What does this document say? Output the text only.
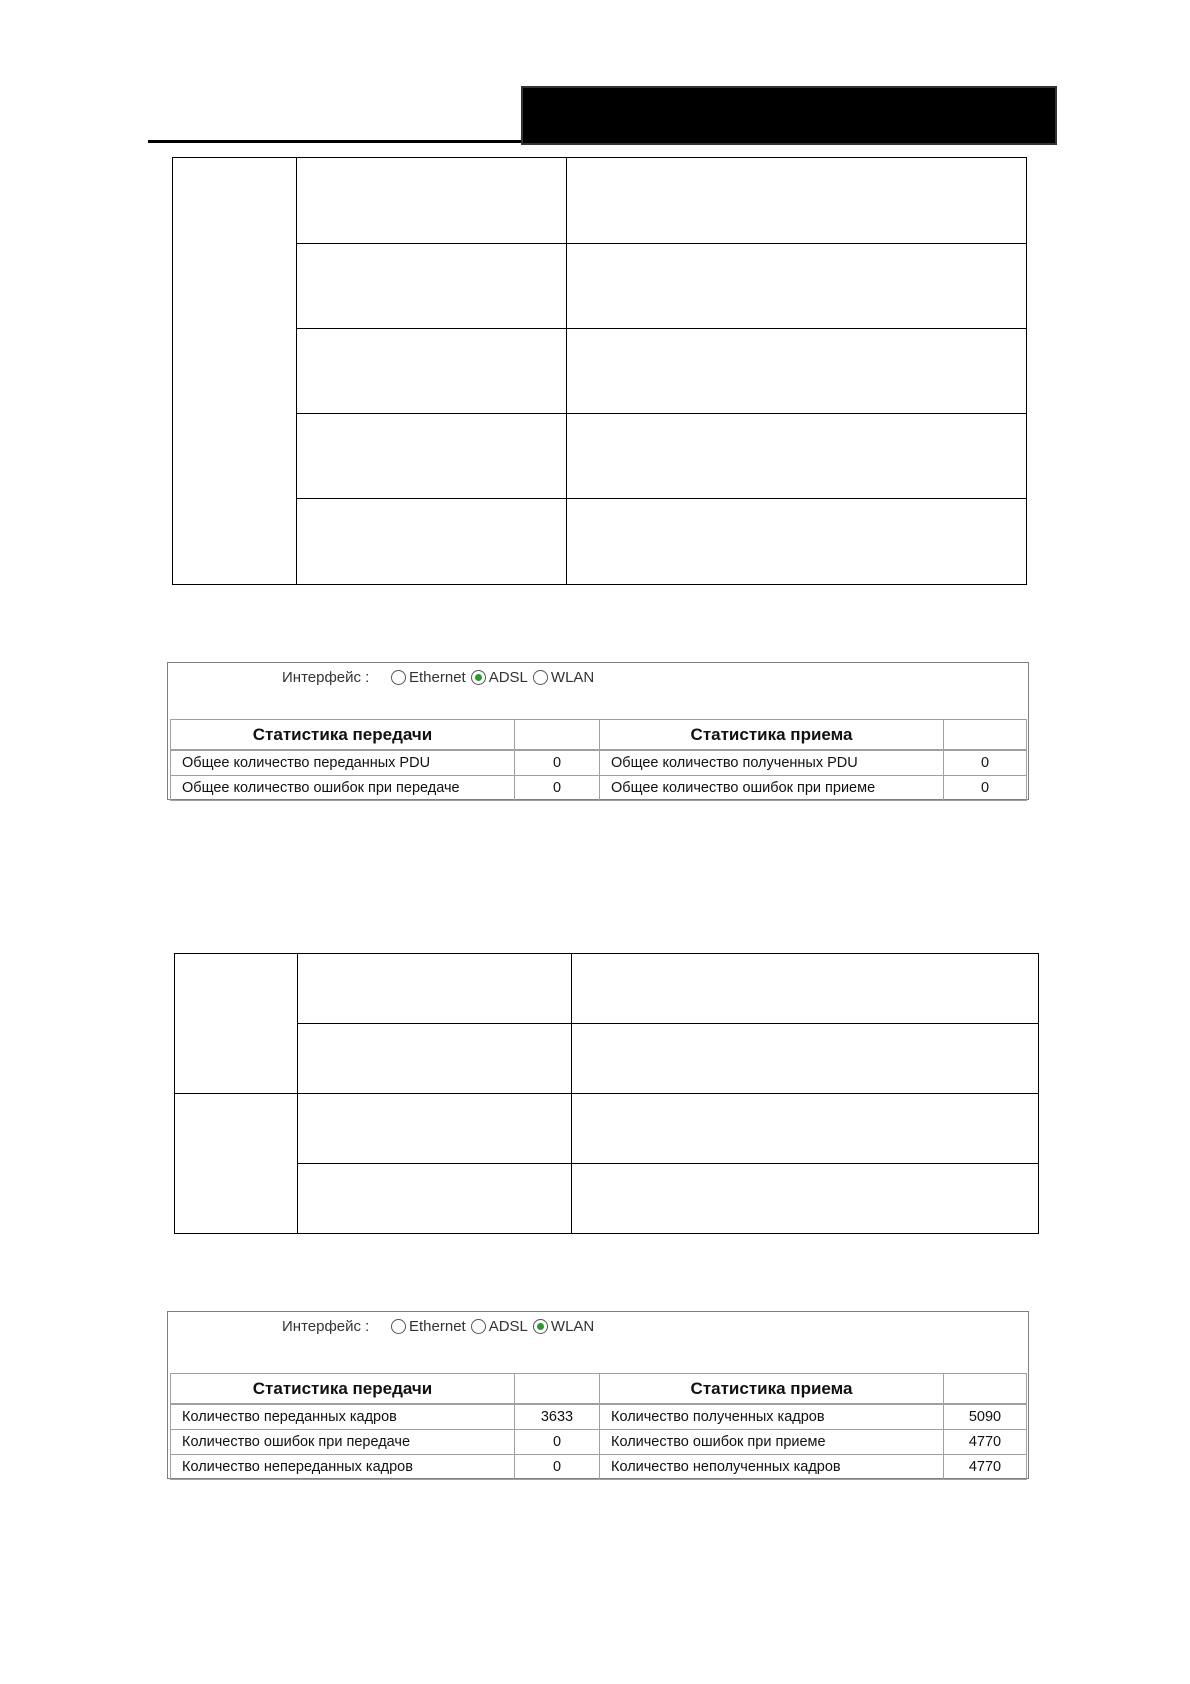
Интерфейс :	Ethernet ADSL WLAN
Статистика передачи		Статистика приема	
Общее количество переданных PDU	0	Общее количество полученных PDU	0
Общее количество ошибок при передаче	0	Общее количество ошибок при приеме	0

Интерфейс :	Ethernet ADSL WLAN
Статистика передачи		Статистика приема	
Количество переданных кадров	3633	Количество полученных кадров	5090
Количество ошибок при передаче	0	Количество ошибок при приеме	4770
Количество непереданных кадров	0	Количество неполученных кадров	4770
